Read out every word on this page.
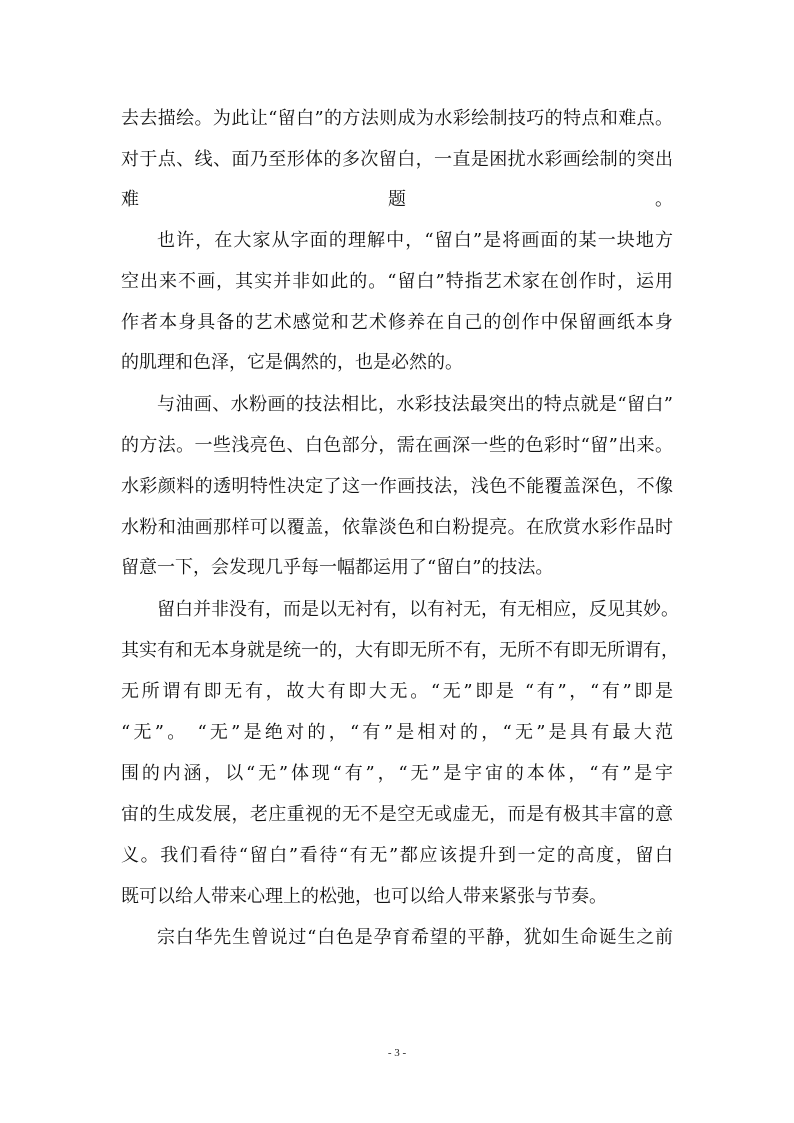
去去描绘。为此让“留白”的方法则成为水彩绘制技巧的特点和难点。
对于点、线、面乃至形体的多次留白，一直是困扰水彩画绘制的突出
难	题	。
也许，在大家从字面的理解中，“留白”是将画面的某一块地方
空出来不画，其实并非如此的。“留白”特指艺术家在创作时，运用
作者本身具备的艺术感觉和艺术修养在自己的创作中保留画纸本身
的肌理和色泽，它是偶然的，也是必然的。
与油画、水粉画的技法相比，水彩技法最突出的特点就是“留白”
的方法。一些浅亮色、白色部分，需在画深一些的色彩时“留”出来。
水彩颜料的透明特性决定了这一作画技法，浅色不能覆盖深色，不像
水粉和油画那样可以覆盖，依靠淡色和白粉提亮。在欣赏水彩作品时
留意一下，会发现几乎每一幅都运用了“留白”的技法。
留白并非没有，而是以无衬有，以有衬无，有无相应，反见其妙。
其实有和无本身就是统一的，大有即无所不有，无所不有即无所谓有，
无所谓有即无有，故大有即大无。“无”即是 “有”，“有”即是
“无”。 “无”是绝对的，“有”是相对的，“无”是具有最大范
围的内涵，以“无”体现“有”，“无”是宇宙的本体，“有”是宇
宙的生成发展，老庄重视的无不是空无或虚无，而是有极其丰富的意
义。我们看待“留白”看待“有无”都应该提升到一定的高度，留白
既可以给人带来心理上的松弛，也可以给人带来紧张与节奏。
宗白华先生曾说过“白色是孕育希望的平静，犹如生命诞生之前
- 3 -
